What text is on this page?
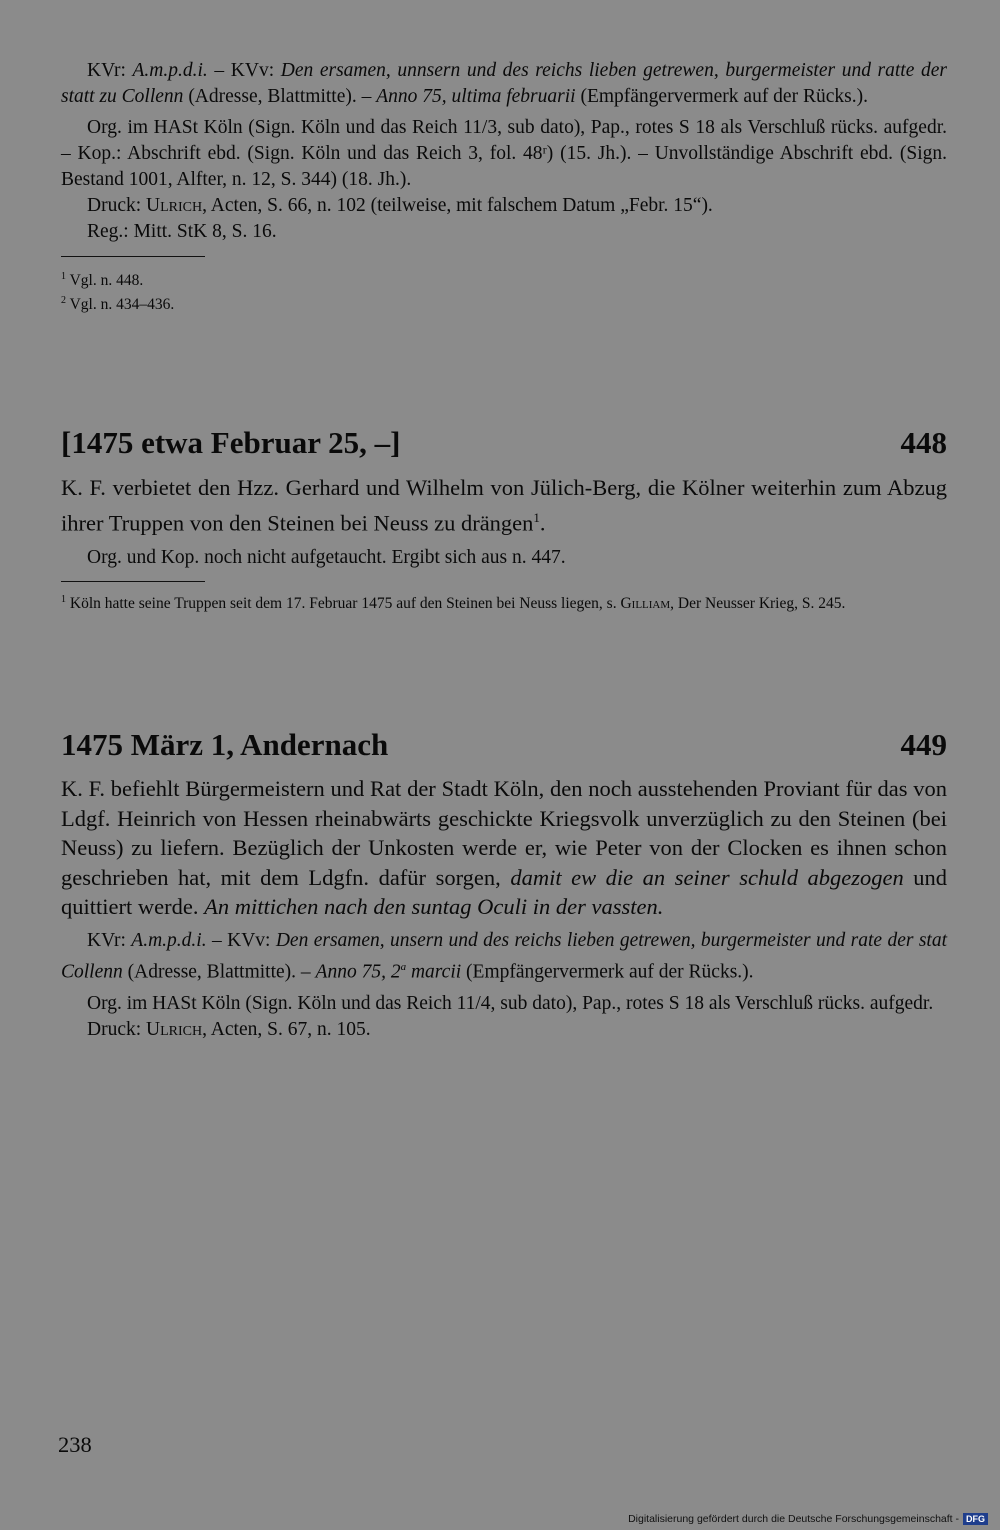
KVr: A.m.p.d.i. – KVv: Den ersamen, unnsern und des reichs lieben getrewen, burgermeister und ratte der statt zu Collenn (Adresse, Blattmitte). – Anno 75, ultima februarii (Empfängervermerk auf der Rücks.).

Org. im HASt Köln (Sign. Köln und das Reich 11/3, sub dato), Pap., rotes S 18 als Verschluß rücks. aufgedr. – Kop.: Abschrift ebd. (Sign. Köln und das Reich 3, fol. 48ʳ) (15. Jh.). – Unvollständige Abschrift ebd. (Sign. Bestand 1001, Alfter, n. 12, S. 344) (18. Jh.).

Druck: Ulrich, Acten, S. 66, n. 102 (teilweise, mit falschem Datum „Febr. 15“).

Reg.: Mitt. StK 8, S. 16.

$^1$ Vgl. n. 448.

$^2$ Vgl. n. 434–436.

[1475 etwa Februar 25, –]	448

K. F. verbietet den Hzz. Gerhard und Wilhelm von Jülich-Berg, die Kölner weiterhin zum Abzug ihrer Truppen von den Steinen bei Neuss zu drängen$^1$.

Org. und Kop. noch nicht aufgetaucht. Ergibt sich aus n. 447.

$^1$ Köln hatte seine Truppen seit dem 17. Februar 1475 auf den Steinen bei Neuss liegen, s. Gilliam, Der Neusser Krieg, S. 245.

1475 März 1, Andernach	449

K. F. befiehlt Bürgermeistern und Rat der Stadt Köln, den noch ausstehenden Proviant für das von Ldgf. Heinrich von Hessen rheinabwärts geschickte Kriegsvolk unverzüglich zu den Steinen (bei Neuss) zu liefern. Bezüglich der Unkosten werde er, wie Peter von der Clocken es ihnen schon geschrieben hat, mit dem Ldgfn. dafür sorgen, damit ew die an seiner schuld abgezogen und quittiert werde. An mittichen nach den suntag Oculi in der vassten.

KVr: A.m.p.d.i. – KVv: Den ersamen, unsern und des reichs lieben getrewen, burgermeister und rate der stat Collenn (Adresse, Blattmitte). – Anno 75, 2$^a$ marcii (Empfängervermerk auf der Rücks.).

Org. im HASt Köln (Sign. Köln und das Reich 11/4, sub dato), Pap., rotes S 18 als Verschluß rücks. aufgedr.

Druck: Ulrich, Acten, S. 67, n. 105.

238
Digitalisierung gefördert durch die Deutsche Forschungsgemeinschaft - DFG
